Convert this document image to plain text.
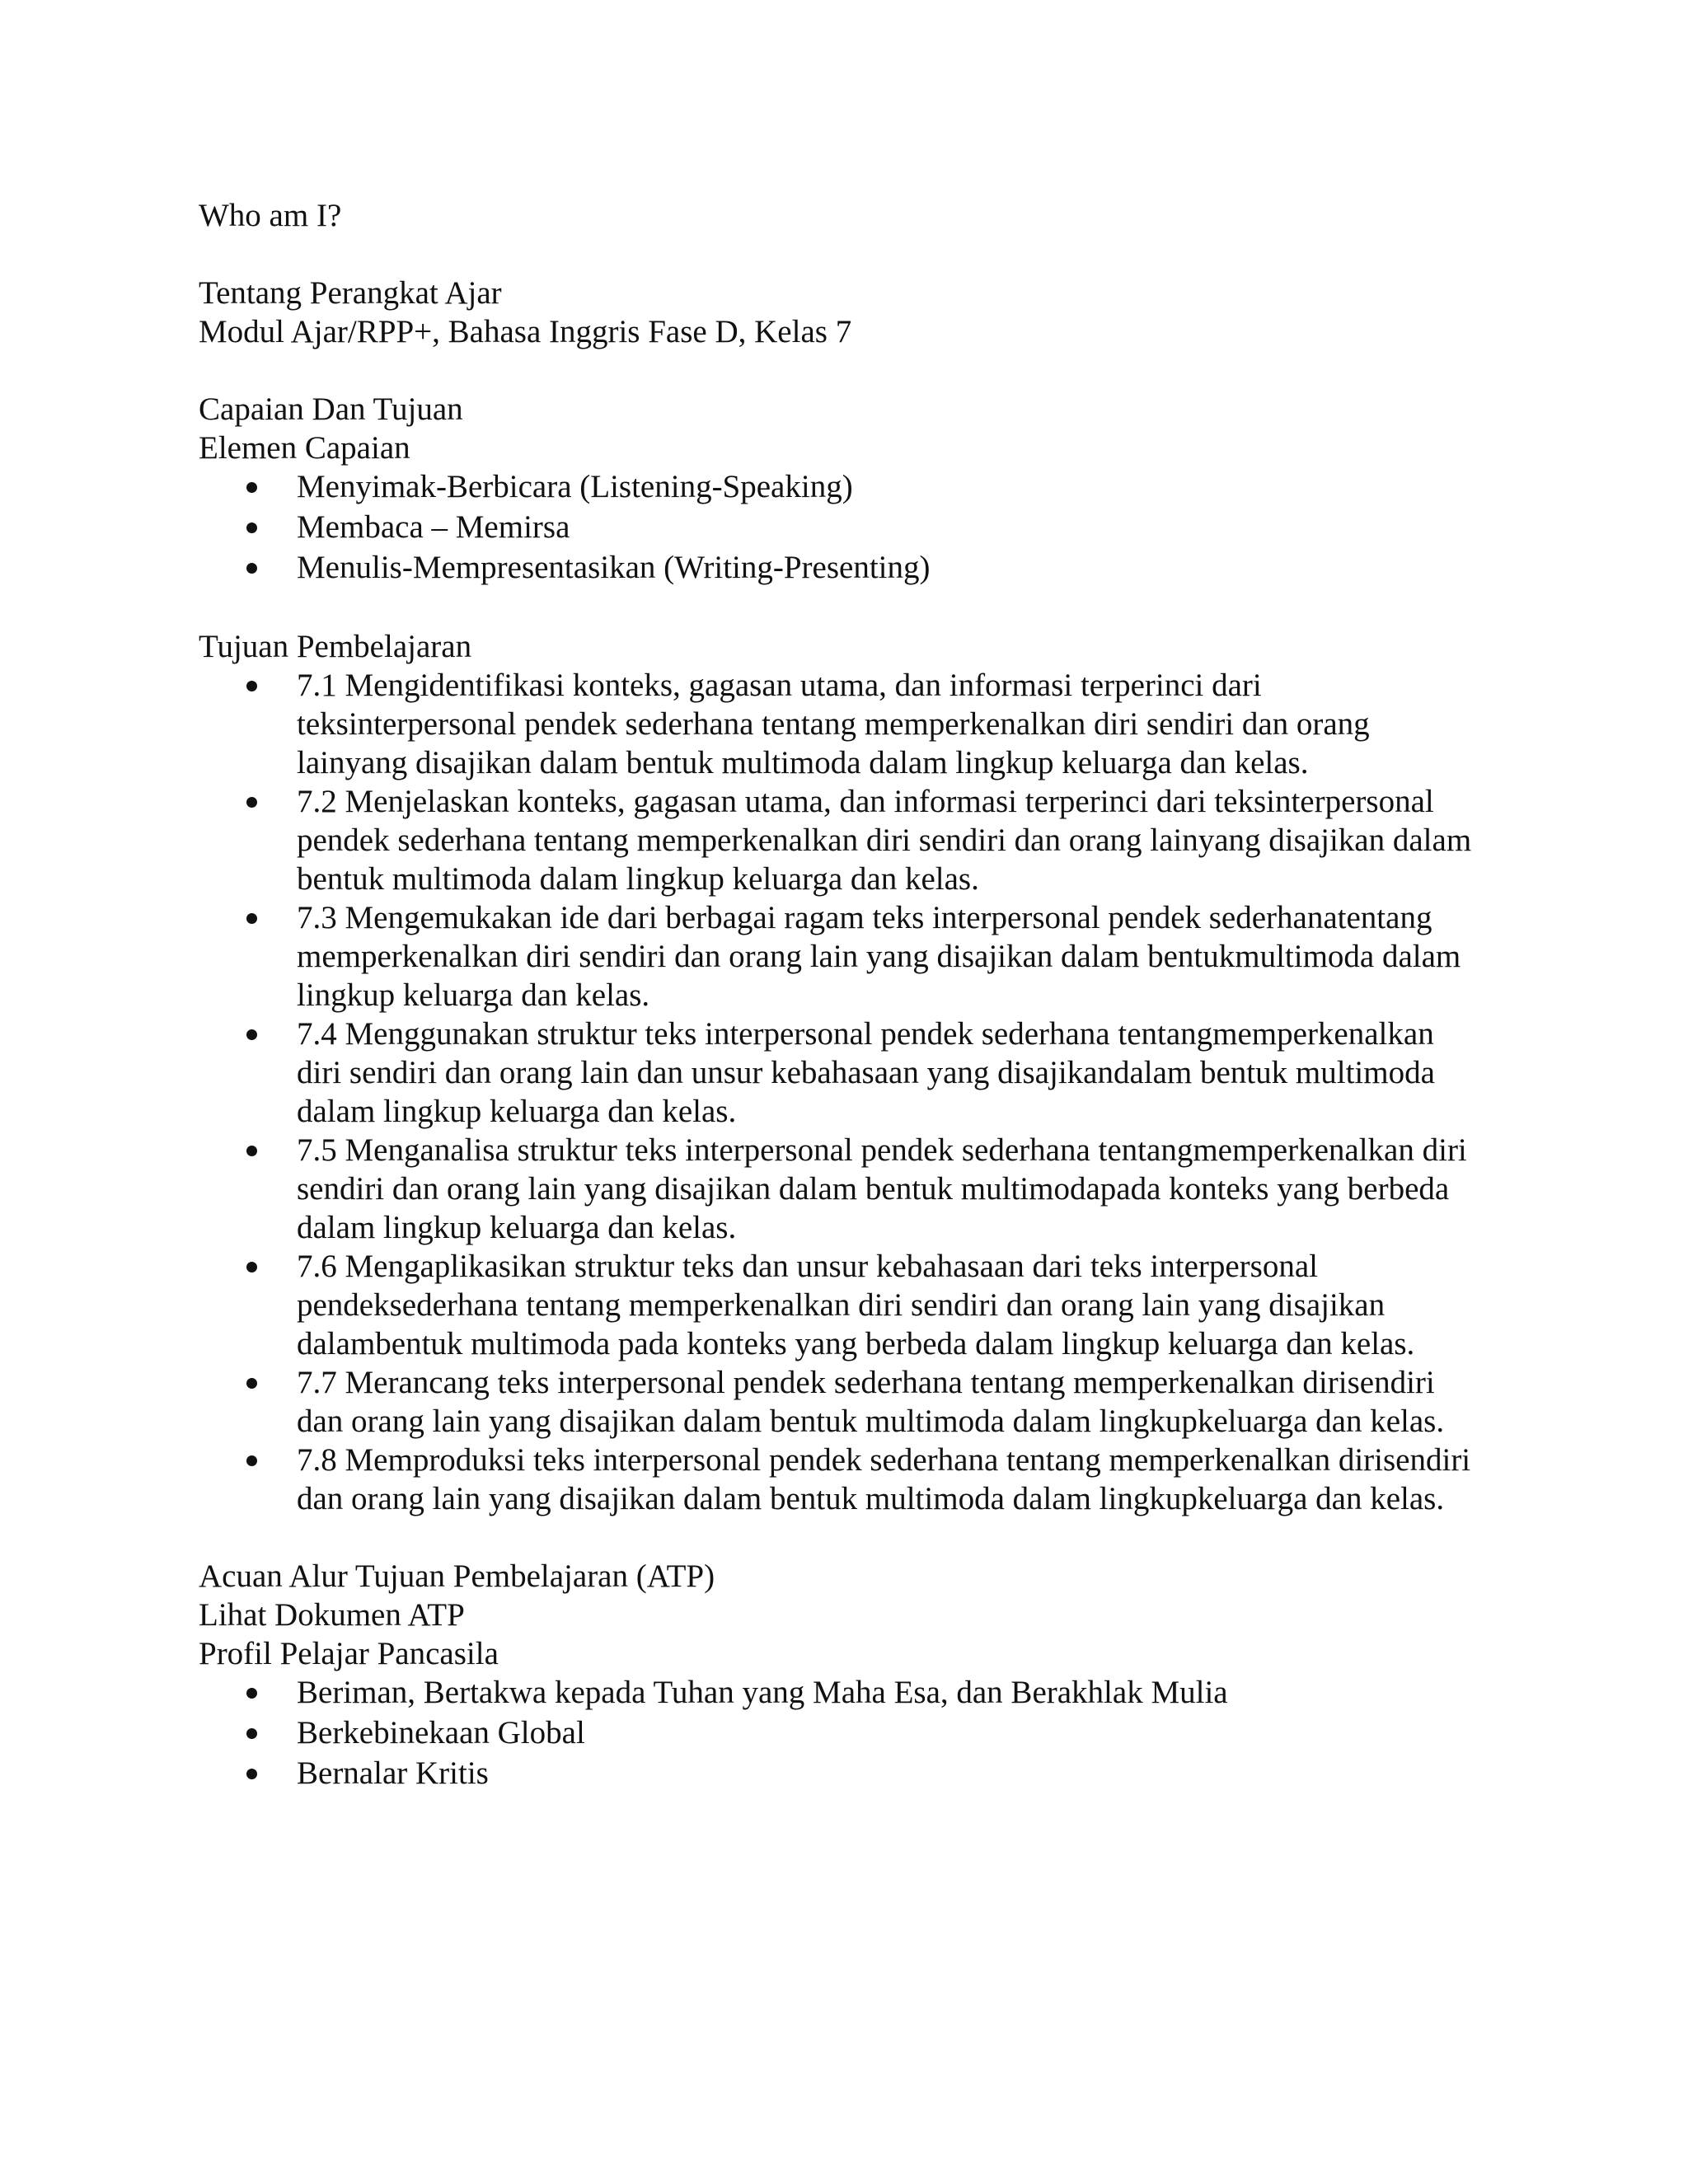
Who am I?

Tentang Perangkat Ajar

Modul Ajar/RPP+, Bahasa Inggris Fase D, Kelas 7

Capaian Dan Tujuan

Elemen Capaian

Menyimak-Berbicara (Listening-Speaking)
Membaca – Memirsa
Menulis-Mempresentasikan (Writing-Presenting)

Tujuan Pembelajaran

7.1 Mengidentifikasi konteks, gagasan utama, dan informasi terperinci dari teksinterpersonal pendek sederhana tentang memperkenalkan diri sendiri dan orang lainyang disajikan dalam bentuk multimoda dalam lingkup keluarga dan kelas.
7.2 Menjelaskan konteks, gagasan utama, dan informasi terperinci dari teksinterpersonal pendek sederhana tentang memperkenalkan diri sendiri dan orang lainyang disajikan dalam bentuk multimoda dalam lingkup keluarga dan kelas.
7.3 Mengemukakan ide dari berbagai ragam teks interpersonal pendek sederhanatentang memperkenalkan diri sendiri dan orang lain yang disajikan dalam bentukmultimoda dalam lingkup keluarga dan kelas.
7.4 Menggunakan struktur teks interpersonal pendek sederhana tentangmemperkenalkan diri sendiri dan orang lain dan unsur kebahasaan yang disajikandalam bentuk multimoda dalam lingkup keluarga dan kelas.
7.5 Menganalisa struktur teks interpersonal pendek sederhana tentangmemperkenalkan diri sendiri dan orang lain yang disajikan dalam bentuk multimodapada konteks yang berbeda dalam lingkup keluarga dan kelas.
7.6 Mengaplikasikan struktur teks dan unsur kebahasaan dari teks interpersonal pendeksederhana tentang memperkenalkan diri sendiri dan orang lain yang disajikan dalambentuk multimoda pada konteks yang berbeda dalam lingkup keluarga dan kelas.
7.7 Merancang teks interpersonal pendek sederhana tentang memperkenalkan dirisendiri dan orang lain yang disajikan dalam bentuk multimoda dalam lingkupkeluarga dan kelas.
7.8 Memproduksi teks interpersonal pendek sederhana tentang memperkenalkan dirisendiri dan orang lain yang disajikan dalam bentuk multimoda dalam lingkupkeluarga dan kelas.

Acuan Alur Tujuan Pembelajaran (ATP)

Lihat Dokumen ATP

Profil Pelajar Pancasila

Beriman, Bertakwa kepada Tuhan yang Maha Esa, dan Berakhlak Mulia
Berkebinekaan Global
Bernalar Kritis
